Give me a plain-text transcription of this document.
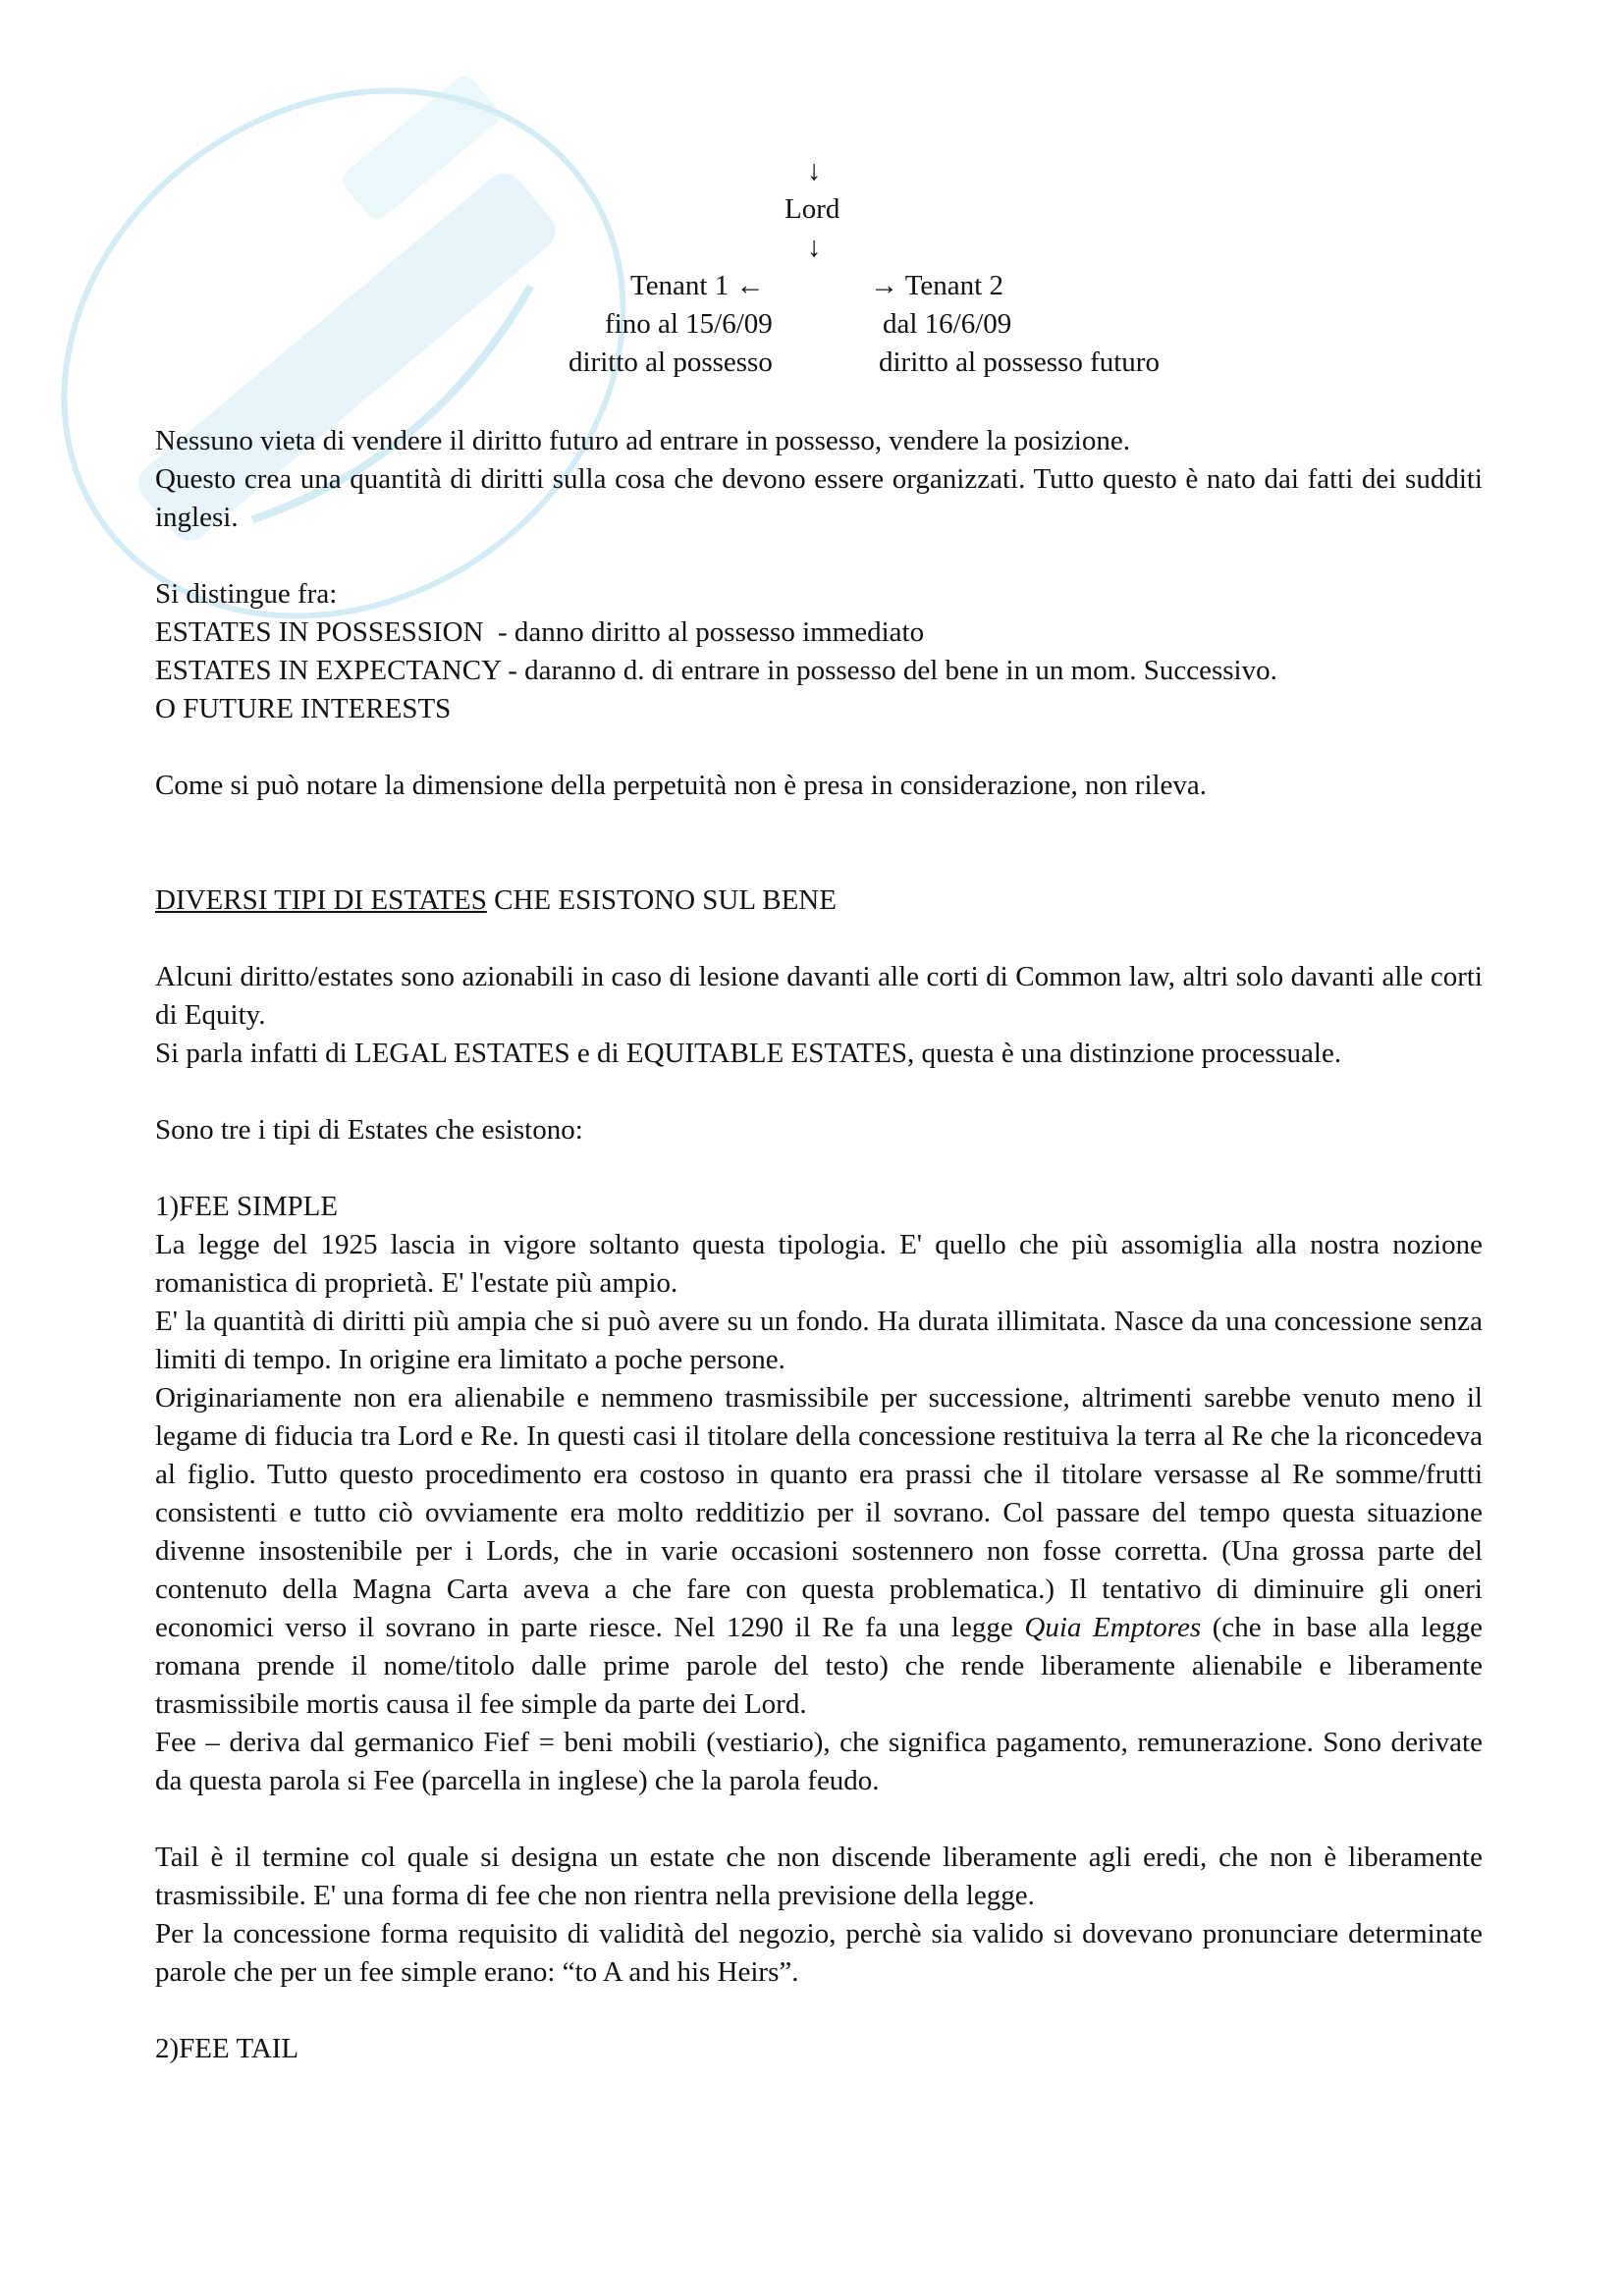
↓
Lord
↓
Tenant 1 ←	→ Tenant 2
fino al 15/6/09	dal 16/6/09
diritto al possesso	diritto al possesso futuro

Nessuno vieta di vendere il diritto futuro ad entrare in possesso, vendere la posizione.

Questo crea una quantità di diritti sulla cosa che devono essere organizzati. Tutto questo è nato dai fatti dei sudditi inglesi.

Si distingue fra:

ESTATES IN POSSESSION  - danno diritto al possesso immediato

ESTATES IN EXPECTANCY - daranno d. di entrare in possesso del bene in un mom. Successivo.

O FUTURE INTERESTS

Come si può notare la dimensione della perpetuità non è presa in considerazione, non rileva.

DIVERSI TIPI DI ESTATES CHE ESISTONO SUL BENE

Alcuni diritto/estates sono azionabili in caso di lesione davanti alle corti di Common law, altri solo davanti alle corti di Equity.

Si parla infatti di LEGAL ESTATES e di EQUITABLE ESTATES, questa è una distinzione processuale.

Sono tre i tipi di Estates che esistono:

1)FEE SIMPLE

La legge del 1925 lascia in vigore soltanto questa tipologia. E' quello che più assomiglia alla nostra nozione romanistica di proprietà. E' l'estate più ampio.

E' la quantità di diritti più ampia che si può avere su un fondo. Ha durata illimitata. Nasce da una concessione senza limiti di tempo. In origine era limitato a poche persone.

Originariamente non era alienabile e nemmeno trasmissibile per successione, altrimenti sarebbe venuto meno il legame di fiducia tra Lord e Re. In questi casi il titolare della concessione restituiva la terra al Re che la riconcedeva al figlio. Tutto questo procedimento era costoso in quanto era prassi che il titolare versasse al Re somme/frutti consistenti e tutto ciò ovviamente era molto redditizio per il sovrano. Col passare del tempo questa situazione divenne insostenibile per i Lords, che in varie occasioni sostennero non fosse corretta. (Una grossa parte del contenuto della Magna Carta aveva a che fare con questa problematica.) Il tentativo di diminuire gli oneri economici verso il sovrano in parte riesce. Nel 1290 il Re fa una legge Quia Emptores (che in base alla legge romana prende il nome/titolo dalle prime parole del testo) che rende liberamente alienabile e liberamente trasmissibile mortis causa il fee simple da parte dei Lord.

Fee – deriva dal germanico Fief = beni mobili (vestiario), che significa pagamento, remunerazione. Sono derivate da questa parola si Fee (parcella in inglese) che la parola feudo.

Tail è il termine col quale si designa un estate che non discende liberamente agli eredi, che non è liberamente trasmissibile. E' una forma di fee che non rientra nella previsione della legge.

Per la concessione forma requisito di validità del negozio, perchè sia valido si dovevano pronunciare determinate parole che per un fee simple erano: “to A and his Heirs”.

2)FEE TAIL
